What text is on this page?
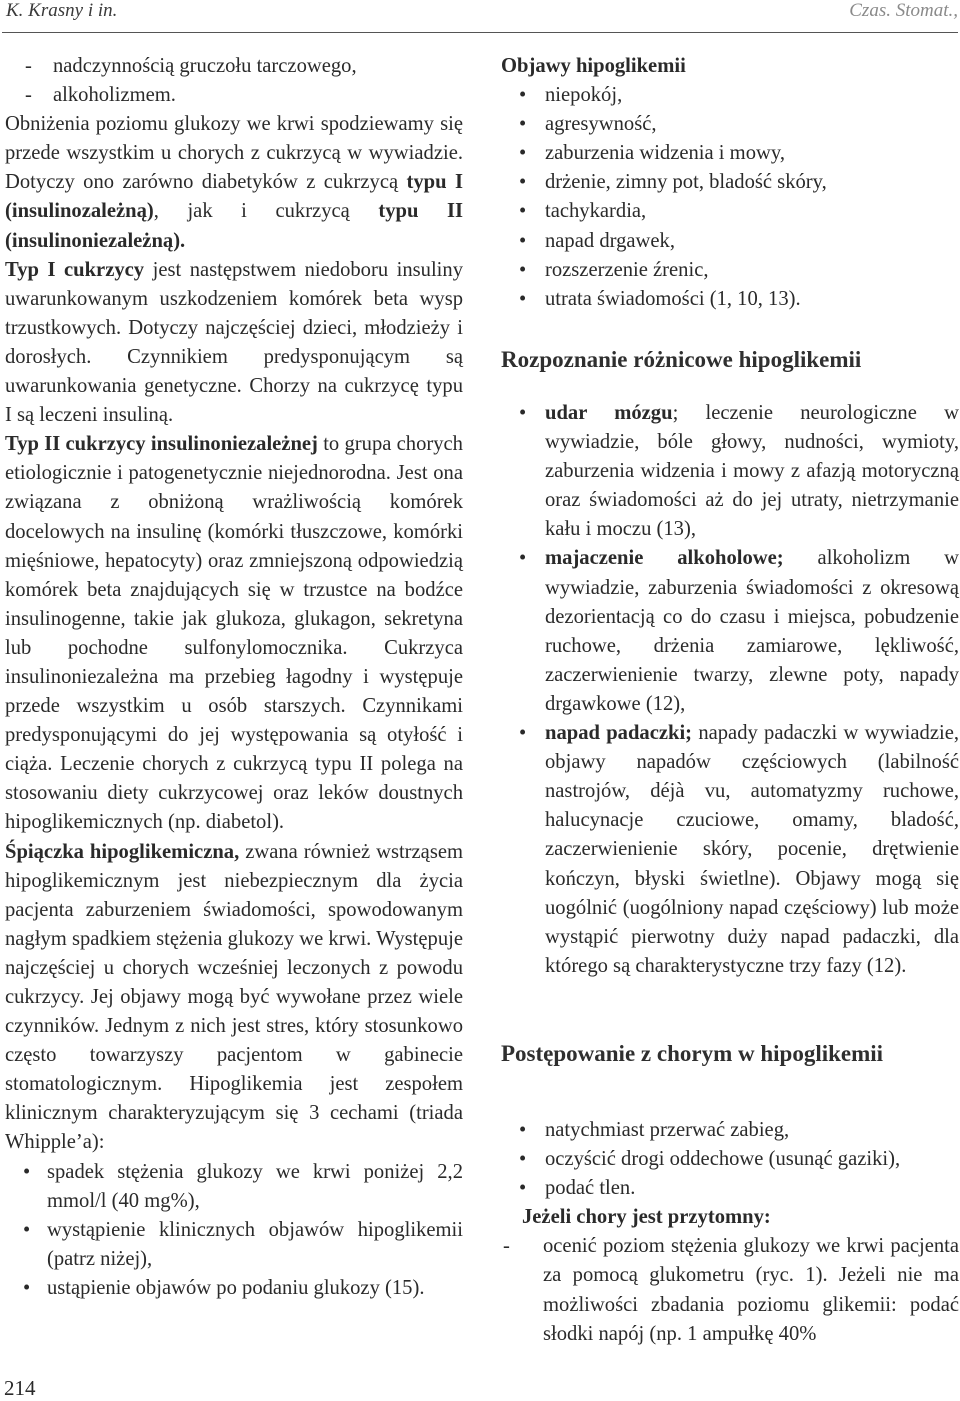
K. Krasny i in.	Czas. Stomat.,

- nadczynnością gruczołu tarczowego,

- alkoholizmem.

Obniżenia poziomu glukozy we krwi spodziewamy się przede wszystkim u chorych z cukrzycą w wywiadzie. Dotyczy ono zarówno diabetyków z cukrzycą typu I (insulinozależną), jak i cukrzycą typu II (insulinoniezależną).

Typ I cukrzycy jest następstwem niedoboru insuliny uwarunkowanym uszkodzeniem komórek beta wysp trzustkowych. Dotyczy najczęściej dzieci, młodzieży i dorosłych. Czynnikiem predysponującym są uwarunkowania genetyczne. Chorzy na cukrzycę typu I są leczeni insuliną.

Typ II cukrzycy insulinoniezależnej to grupa chorych etiologicznie i patogenetycznie niejednorodna. Jest ona związana z obniżoną wrażliwością komórek docelowych na insulinę (komórki tłuszczowe, komórki mięśniowe, hepatocyty) oraz zmniejszoną odpowiedzią komórek beta znajdujących się w trzustce na bodźce insulinogenne, takie jak glukoza, glukagon, sekretyna lub pochodne sulfonylomocznika. Cukrzyca insulinoniezależna ma przebieg łagodny i występuje przede wszystkim u osób starszych. Czynnikami predysponującymi do jej występowania są otyłość i ciąża. Leczenie chorych z cukrzycą typu II polega na stosowaniu diety cukrzycowej oraz leków doustnych hipoglikemicznych (np. diabetol).

Śpiączka hipoglikemiczna, zwana również wstrząsem hipoglikemicznym jest niebezpiecznym dla życia pacjenta zaburzeniem świadomości, spowodowanym nagłym spadkiem stężenia glukozy we krwi. Występuje najczęściej u chorych wcześniej leczonych z powodu cukrzycy. Jej objawy mogą być wywołane przez wiele czynników. Jednym z nich jest stres, który stosunkowo często towarzyszy pacjentom w gabinecie stomatologicznym. Hipoglikemia jest zespołem klinicznym charakteryzującym się 3 cechami (triada Whipple’a):

• spadek stężenia glukozy we krwi poniżej 2,2 mmol/l (40 mg%),

• wystąpienie klinicznych objawów hipoglikemii (patrz niżej),

• ustąpienie objawów po podaniu glukozy (15).

Objawy hipoglikemii

• niepokój,

• agresywność,

• zaburzenia widzenia i mowy,

• drżenie, zimny pot, bladość skóry,

• tachykardia,

• napad drgawek,

• rozszerzenie źrenic,

• utrata świadomości (1, 10, 13).

Rozpoznanie różnicowe hipoglikemii

• udar mózgu; leczenie neurologiczne w wywiadzie, bóle głowy, nudności, wymioty, zaburzenia widzenia i mowy z afazją motoryczną oraz świadomości aż do jej utraty, nietrzymanie kału i moczu (13),

• majaczenie alkoholowe; alkoholizm w wywiadzie, zaburzenia świadomości z okresową dezorientacją co do czasu i miejsca, pobudzenie ruchowe, drżenia zamiarowe, lękliwość, zaczerwienienie twarzy, zlewne poty, napady drgawkowe (12),

• napad padaczki; napady padaczki w wywiadzie, objawy napadów częściowych (labilność nastrojów, déjà vu, automatyzmy ruchowe, halucynacje czuciowe, omamy, bladość, zaczerwienienie skóry, pocenie, drętwienie kończyn, błyski świetlne). Objawy mogą się uogólnić (uogólniony napad częściowy) lub może wystąpić pierwotny duży napad padaczki, dla którego są charakterystyczne trzy fazy (12).

Postępowanie z chorym w hipoglikemii

• natychmiast przerwać zabieg,

• oczyścić drogi oddechowe (usunąć gaziki),

• podać tlen.

Jeżeli chory jest przytomny:

- ocenić poziom stężenia glukozy we krwi pacjenta za pomocą glukometru (ryc. 1). Jeżeli nie ma możliwości zbadania poziomu glikemii: podać słodki napój (np. 1 ampułkę 40%

214
